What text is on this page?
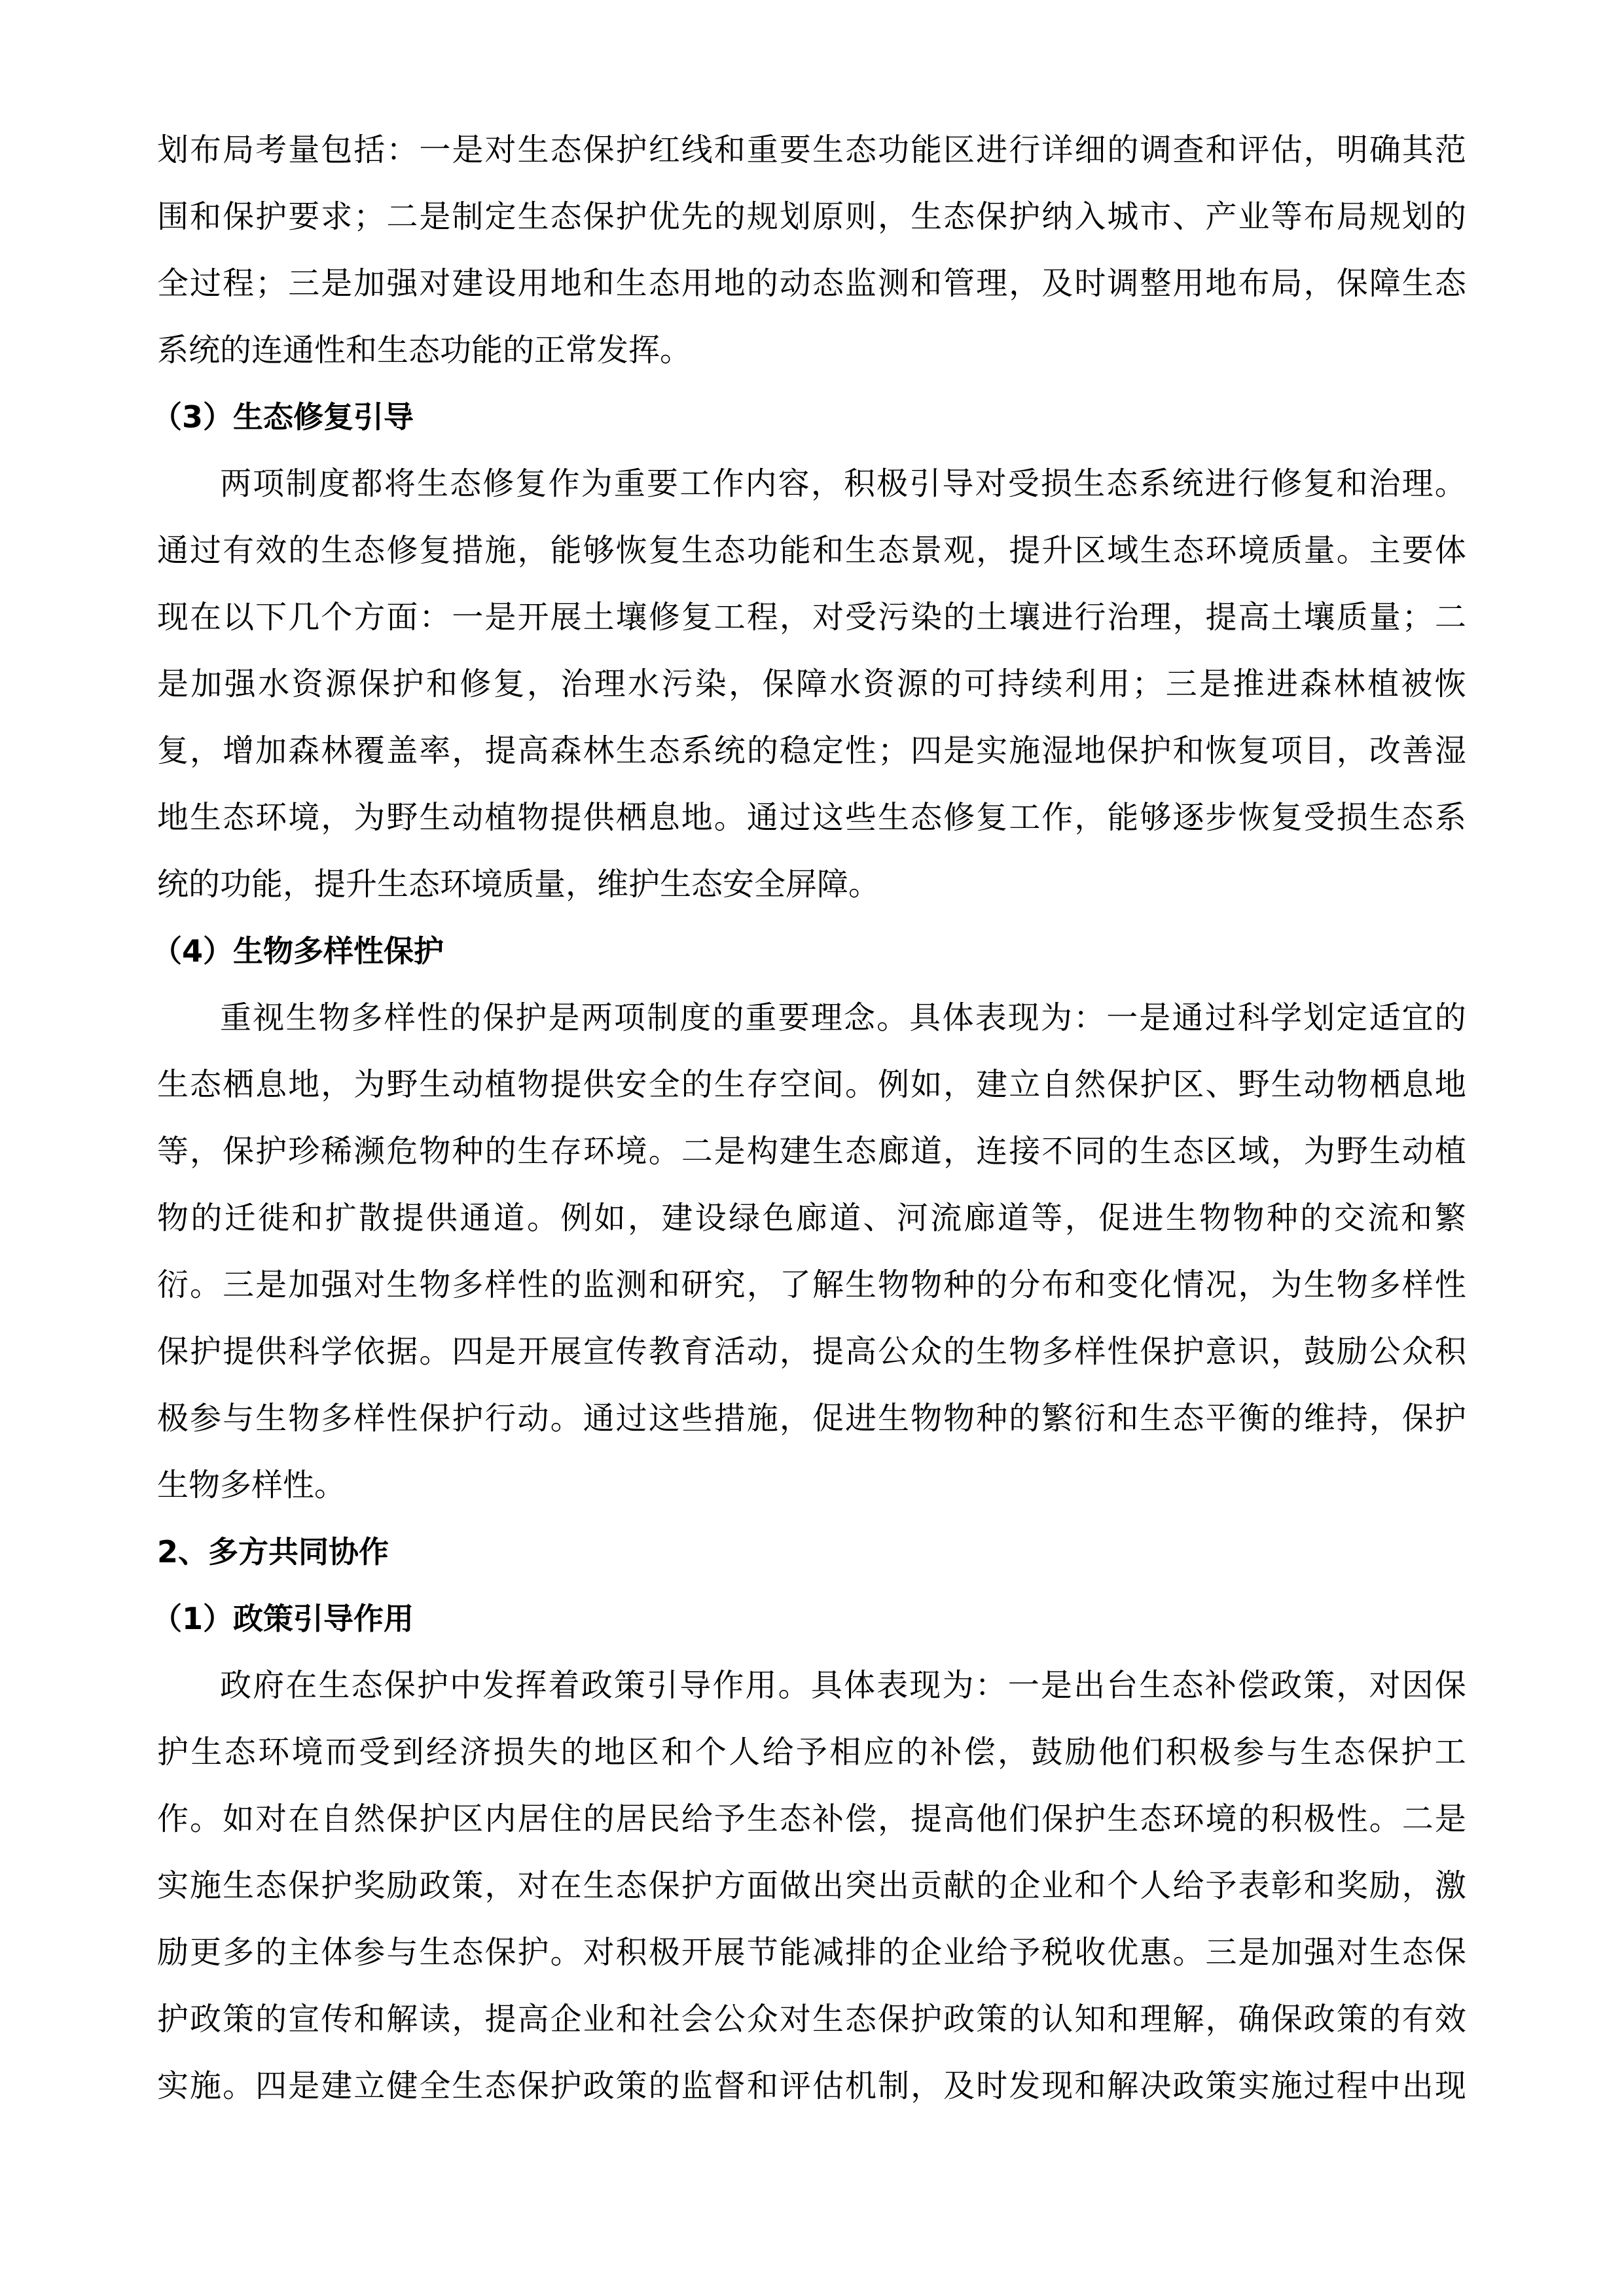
划 布 局 考 量 包 括 ： 一 是 对 生 态 保 护 红 线 和 重 要 生 态 功 能 区 进 行 详 细 的 调 查 和 评 估 ， 明 确 其 范
围 和 保 护 要 求 ； 二 是 制 定 生 态 保 护 优 先 的 规 划 原 则 ， 生 态 保 护 纳 入 城 市 、 产 业 等 布 局 规 划 的
全 过 程 ； 三 是 加 强 对 建 设 用 地 和 生 态 用 地 的 动 态 监 测 和 管 理 ， 及 时 调 整 用 地 布 局 ， 保 障 生 态
系统的连通性和生态功能的正常发挥。
（3）生态修复引导
两 项 制 度 都 将 生 态 修 复 作 为 重 要 工 作 内 容 ， 积 极 引 导 对 受 损 生 态 系 统 进 行 修 复 和 治 理 。
通 过 有 效 的 生 态 修 复 措 施 ， 能 够 恢 复 生 态 功 能 和 生 态 景 观 ， 提 升 区 域 生 态 环 境 质 量 。 主 要 体
现 在 以 下 几 个 方 面 ： 一 是 开 展 土 壤 修 复 工 程 ， 对 受 污 染 的 土 壤 进 行 治 理 ， 提 高 土 壤 质 量 ； 二
是 加 强 水 资 源 保 护 和 修 复 ， 治 理 水 污 染 ， 保 障 水 资 源 的 可 持 续 利 用 ； 三 是 推 进 森 林 植 被 恢
复 ， 增 加 森 林 覆 盖 率 ， 提 高 森 林 生 态 系 统 的 稳 定 性 ； 四 是 实 施 湿 地 保 护 和 恢 复 项 目 ， 改 善 湿
地 生 态 环 境 ， 为 野 生 动 植 物 提 供 栖 息 地 。 通 过 这 些 生 态 修 复 工 作 ， 能 够 逐 步 恢 复 受 损 生 态 系
统的功能，提升生态环境质量，维护生态安全屏障。
（4）生物多样性保护
重 视 生 物 多 样 性 的 保 护 是 两 项 制 度 的 重 要 理 念 。 具 体 表 现 为 ： 一 是 通 过 科 学 划 定 适 宜 的
生 态 栖 息 地 ， 为 野 生 动 植 物 提 供 安 全 的 生 存 空 间 。 例 如 ， 建 立 自 然 保 护 区 、 野 生 动 物 栖 息 地
等 ， 保 护 珍 稀 濒 危 物 种 的 生 存 环 境 。 二 是 构 建 生 态 廊 道 ， 连 接 不 同 的 生 态 区 域 ， 为 野 生 动 植
物 的 迁 徙 和 扩 散 提 供 通 道 。 例 如 ， 建 设 绿 色 廊 道 、 河 流 廊 道 等 ， 促 进 生 物 物 种 的 交 流 和 繁
衍 。 三 是 加 强 对 生 物 多 样 性 的 监 测 和 研 究 ， 了 解 生 物 物 种 的 分 布 和 变 化 情 况 ， 为 生 物 多 样 性
保 护 提 供 科 学 依 据 。 四 是 开 展 宣 传 教 育 活 动 ， 提 高 公 众 的 生 物 多 样 性 保 护 意 识 ， 鼓 励 公 众 积
极 参 与 生 物 多 样 性 保 护 行 动 。 通 过 这 些 措 施 ， 促 进 生 物 物 种 的 繁 衍 和 生 态 平 衡 的 维 持 ， 保 护
生物多样性。
2、多方共同协作
（1）政策引导作用
政 府 在 生 态 保 护 中 发 挥 着 政 策 引 导 作 用 。 具 体 表 现 为 ： 一 是 出 台 生 态 补 偿 政 策 ， 对 因 保
护 生 态 环 境 而 受 到 经 济 损 失 的 地 区 和 个 人 给 予 相 应 的 补 偿 ， 鼓 励 他 们 积 极 参 与 生 态 保 护 工
作 。 如 对 在 自 然 保 护 区 内 居 住 的 居 民 给 予 生 态 补 偿 ， 提 高 他 们 保 护 生 态 环 境 的 积 极 性 。 二 是
实 施 生 态 保 护 奖 励 政 策 ， 对 在 生 态 保 护 方 面 做 出 突 出 贡 献 的 企 业 和 个 人 给 予 表 彰 和 奖 励 ， 激
励 更 多 的 主 体 参 与 生 态 保 护 。 对 积 极 开 展 节 能 减 排 的 企 业 给 予 税 收 优 惠 。 三 是 加 强 对 生 态 保
护 政 策 的 宣 传 和 解 读 ， 提 高 企 业 和 社 会 公 众 对 生 态 保 护 政 策 的 认 知 和 理 解 ， 确 保 政 策 的 有 效
实 施 。 四 是 建 立 健 全 生 态 保 护 政 策 的 监 督 和 评 估 机 制 ， 及 时 发 现 和 解 决 政 策 实 施 过 程 中 出 现
